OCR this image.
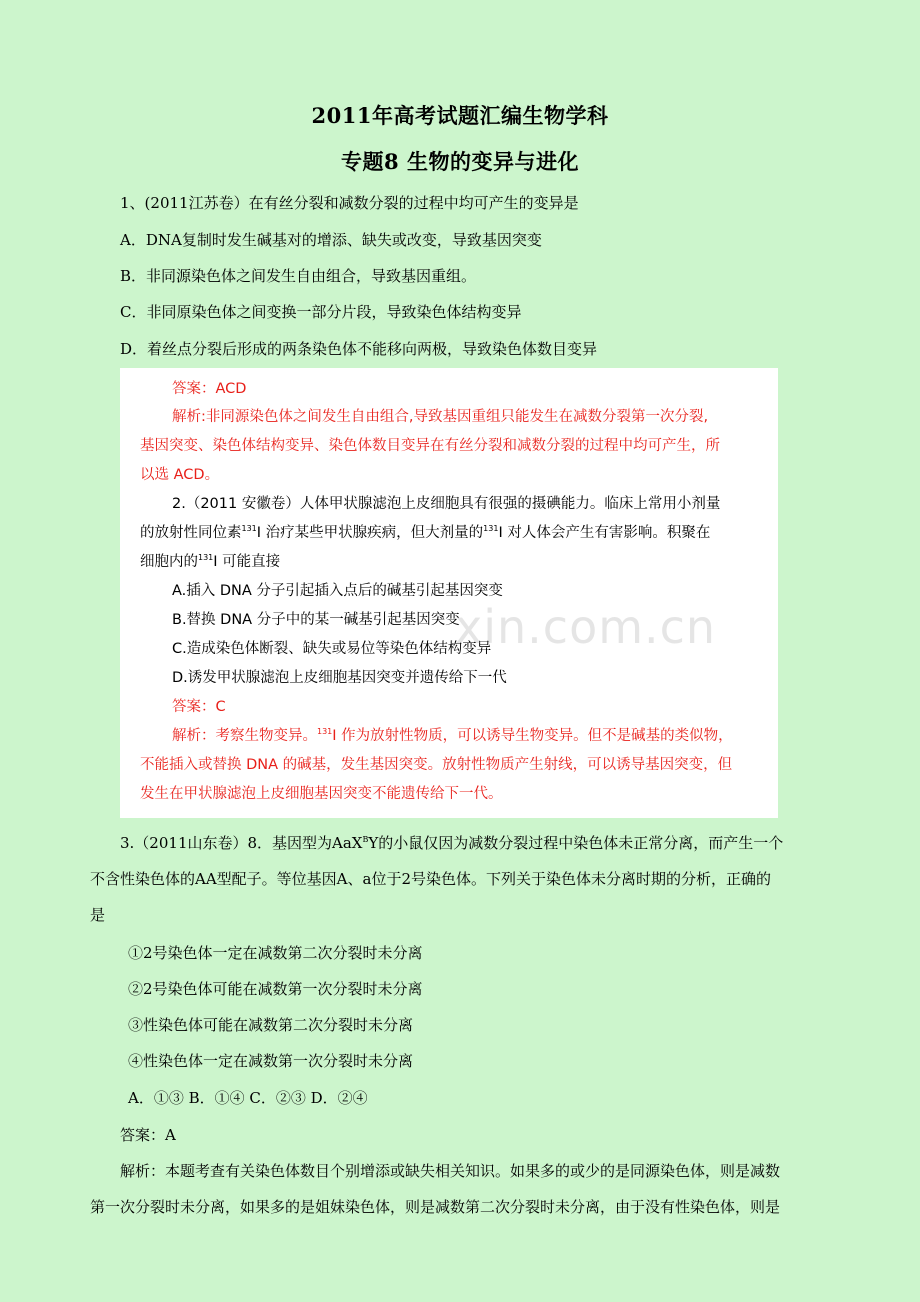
2011年高考试题汇编生物学科
专题8 生物的变异与进化
1、(2011江苏卷）在有丝分裂和减数分裂的过程中均可产生的变异是
A．DNA复制时发生碱基对的增添、缺失或改变，导致基因突变
B．非同源染色体之间发生自由组合，导致基因重组。
C．非同原染色体之间变换一部分片段，导致染色体结构变异
D．着丝点分裂后形成的两条染色体不能移向两极，导致染色体数目变异
答案：ACD
解析:非同源染色体之间发生自由组合,导致基因重组只能发生在减数分裂第一次分裂,
基因突变、染色体结构变异、染色体数目变异在有丝分裂和减数分裂的过程中均可产生，所
以选 ACD。
2.（2011 安徽卷）人体甲状腺滤泡上皮细胞具有很强的摄碘能力。临床上常用小剂量
的放射性同位素$^{131}$I 治疗某些甲状腺疾病，但大剂量的$^{131}$I 对人体会产生有害影响。积聚在
细胞内的$^{131}$I 可能直接
A.插入 DNA 分子引起插入点后的碱基引起基因突变
B.替换 DNA 分子中的某一碱基引起基因突变
C.造成染色体断裂、缺失或易位等染色体结构变异
D.诱发甲状腺滤泡上皮细胞基因突变并遗传给下一代
答案：C
解析：考察生物变异。$^{131}$I 作为放射性物质，可以诱导生物变异。但不是碱基的类似物，
不能插入或替换 DNA 的碱基，发生基因突变。放射性物质产生射线，可以诱导基因突变，但
发生在甲状腺滤泡上皮细胞基因突变不能遗传给下一代。
xin.com.cn
3.（2011山东卷）8．基因型为AaX$^B$Y的小鼠仅因为减数分裂过程中染色体未正常分离，而产生一个
不含性染色体的AA型配子。等位基因A、a位于2号染色体。下列关于染色体未分离时期的分析，正确的
是
①2号染色体一定在减数第二次分裂时未分离
②2号染色体可能在减数第一次分裂时未分离
③性染色体可能在减数第二次分裂时未分离
④性染色体一定在减数第一次分裂时未分离
A．①③ B．①④ C．②③ D．②④
答案：A
解析：本题考查有关染色体数目个别增添或缺失相关知识。如果多的或少的是同源染色体，则是减数
第一次分裂时未分离，如果多的是姐妹染色体，则是减数第二次分裂时未分离，由于没有性染色体，则是
